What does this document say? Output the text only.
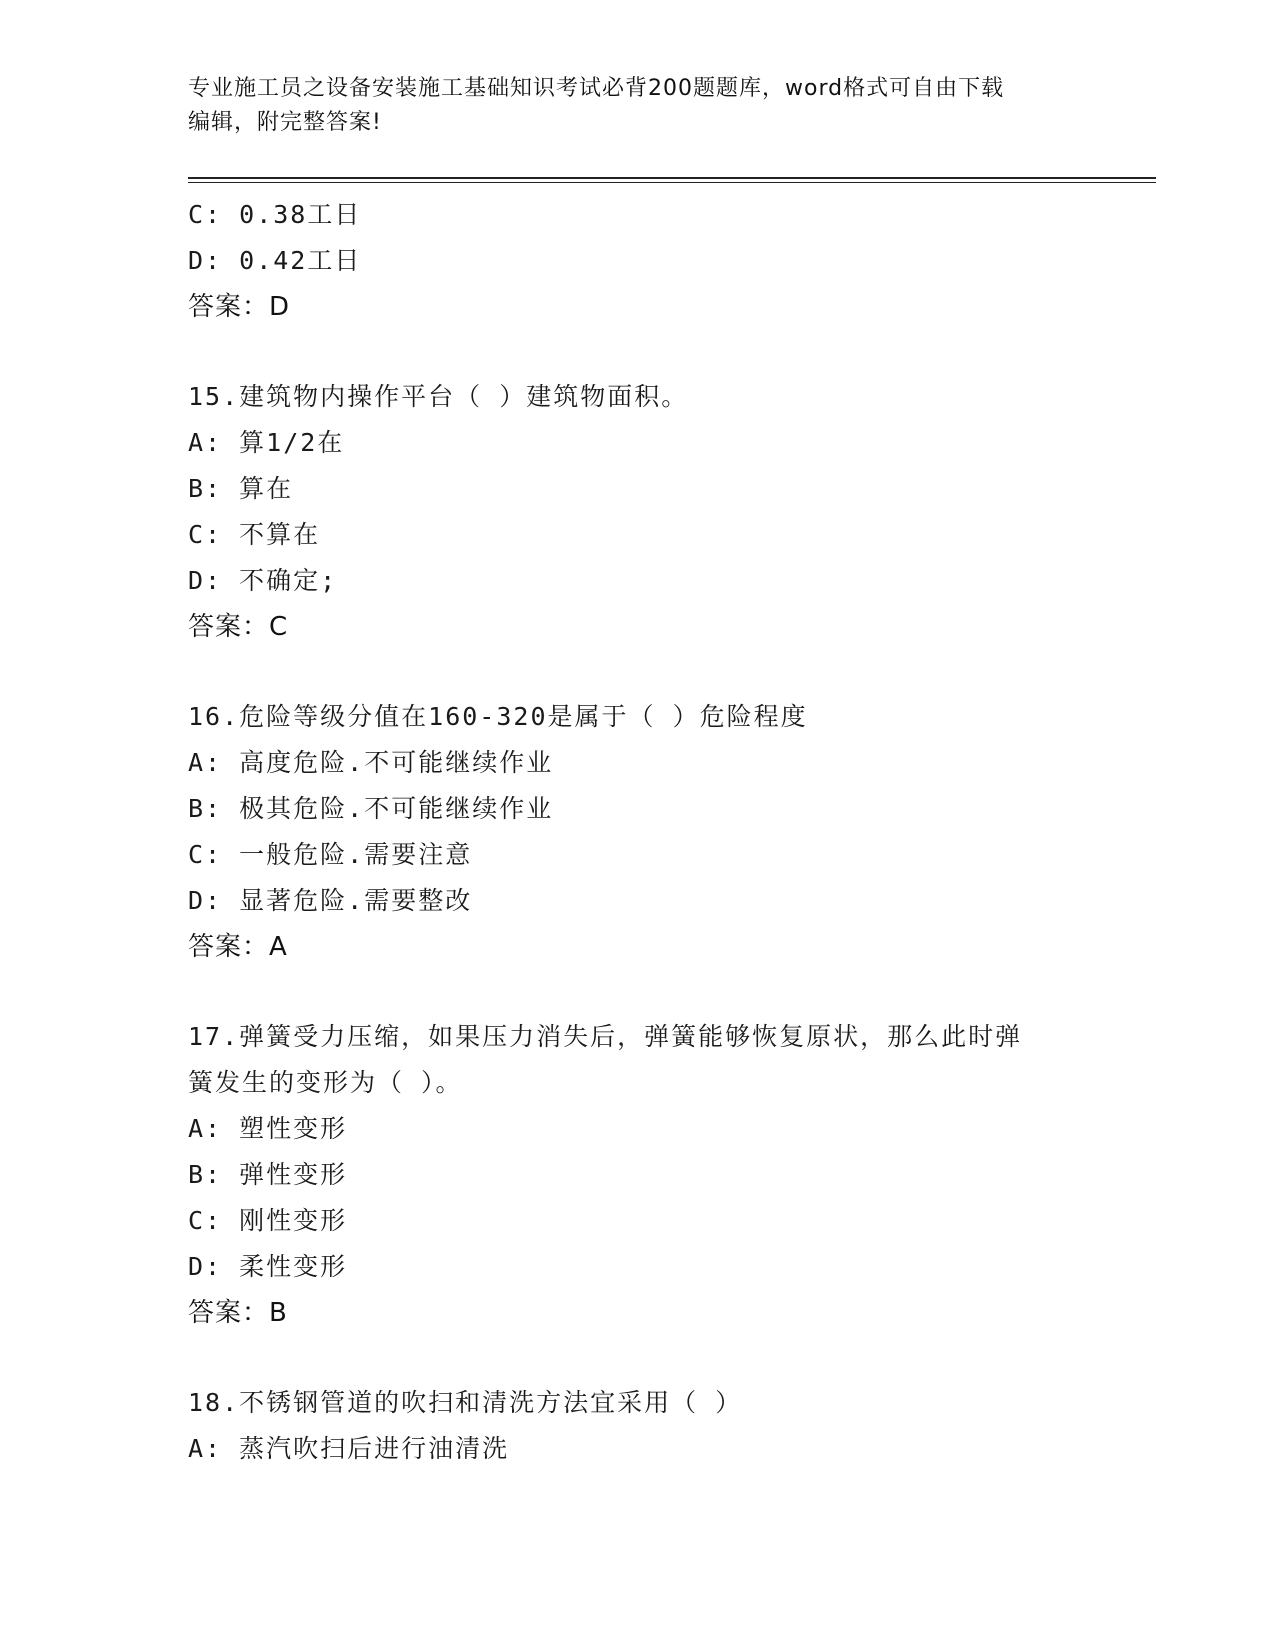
专业施工员之设备安装施工基础知识考试必背200题题库，word格式可自由下载
编辑，附完整答案!
C: 0.38工日
D: 0.42工日
答案：D
15.建筑物内操作平台（ ）建筑物面积。
A: 算1/2在
B: 算在
C: 不算在
D: 不确定;
答案：C
16.危险等级分值在160-320是属于（ ）危险程度
A: 高度危险.不可能继续作业
B: 极其危险.不可能继续作业
C: 一般危险.需要注意
D: 显著危险.需要整改
答案：A
17.弹簧受力压缩，如果压力消失后，弹簧能够恢复原状，那么此时弹
簧发生的变形为（ ）。
A: 塑性变形
B: 弹性变形
C: 刚性变形
D: 柔性变形
答案：B
18.不锈钢管道的吹扫和清洗方法宜采用（ ）
A: 蒸汽吹扫后进行油清洗
